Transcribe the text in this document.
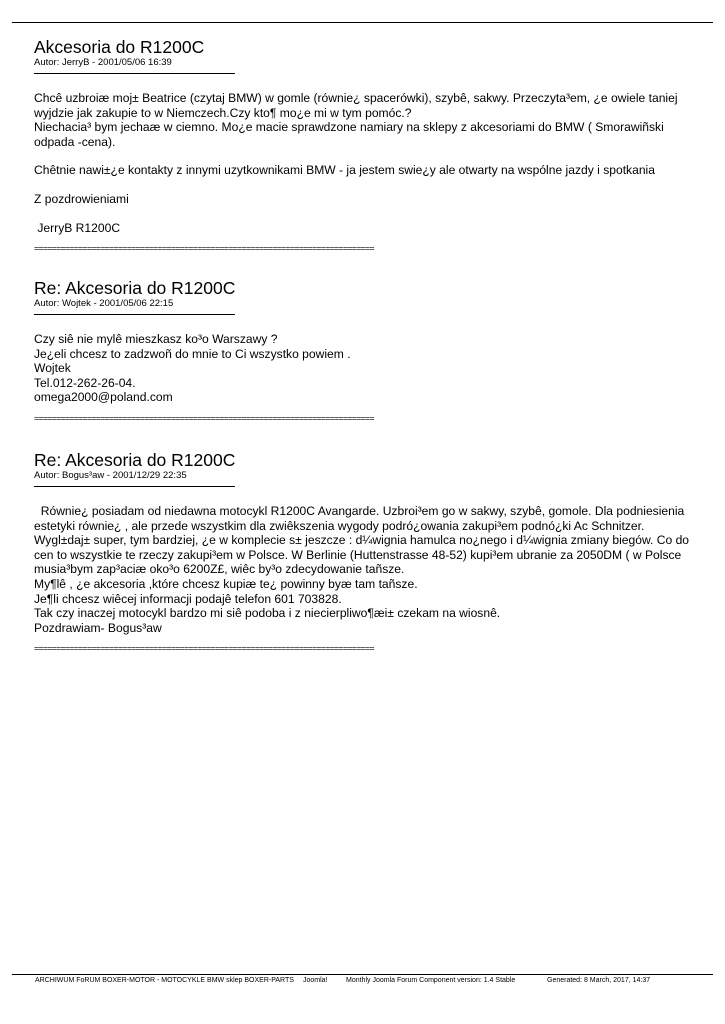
Akcesoria do R1200C
Autor: JerryB - 2001/05/06 16:39

Chcê uzbroiæ moj± Beatrice (czytaj BMW) w gomle (równie¿ spacerówki), szybê, sakwy. Przeczyta³em, ¿e owiele taniej wyjdzie jak zakupie to w Niemczech.Czy kto¶ mo¿e mi w tym pomóc.?
Niechacia³ bym jechaæ w ciemno. Mo¿e macie sprawdzone namiary na sklepy z akcesoriami do BMW ( Smorawiñski odpada -cena).

Chêtnie nawi±¿e kontakty z innymi uzytkownikami BMW - ja jestem swie¿y ale otwarty na wspólne jazdy i spotkania

Z pozdrowieniami

JerryB R1200C

=============================================================================
Re: Akcesoria do R1200C
Autor: Wojtek - 2001/05/06 22:15

Czy siê nie mylê mieszkasz ko³o Warszawy ?
Je¿eli chcesz to zadzwoñ do mnie to Ci wszystko powiem .
Wojtek
Tel.012-262-26-04.
omega2000@poland.com

=============================================================================
Re: Akcesoria do R1200C
Autor: Bogus³aw - 2001/12/29 22:35

Równie¿ posiadam od niedawna motocykl R1200C Avangarde. Uzbroi³em go w sakwy, szybê, gomole. Dla podniesienia estetyki równie¿ , ale przede wszystkim dla zwiêkszenia wygody podró¿owania zakupi³em podnó¿ki Ac Schnitzer. Wygl±daj± super, tym bardziej, ¿e w komplecie s± jeszcze : d¼wignia hamulca no¿nego i d¼wignia zmiany biegów. Co do cen to wszystkie te rzeczy zakupi³em w Polsce. W Berlinie (Huttenstrasse 48-52) kupi³em ubranie za 2050DM ( w Polsce musia³bym zap³aciæ oko³o 6200Z£, wiêc by³o zdecydowanie tañsze.
My¶lê , ¿e akcesoria ,które chcesz kupiæ te¿ powinny byæ tam tañsze.
Je¶li chcesz wiêcej informacji podajê telefon 601 703828.
Tak czy inaczej motocykl bardzo mi siê podoba i z niecierpliwo¶æi± czekam na wiosnê.
Pozdrawiam- Bogus³aw

=============================================================================
ARCHIWUM FoRUM BOXER-MOTOR - MOTOCYKLE BMW sklep BOXER-PARTS Joomla!	Monthly Joomla Forum Component version: 1.4 Stable	Generated: 8 March, 2017, 14:37
